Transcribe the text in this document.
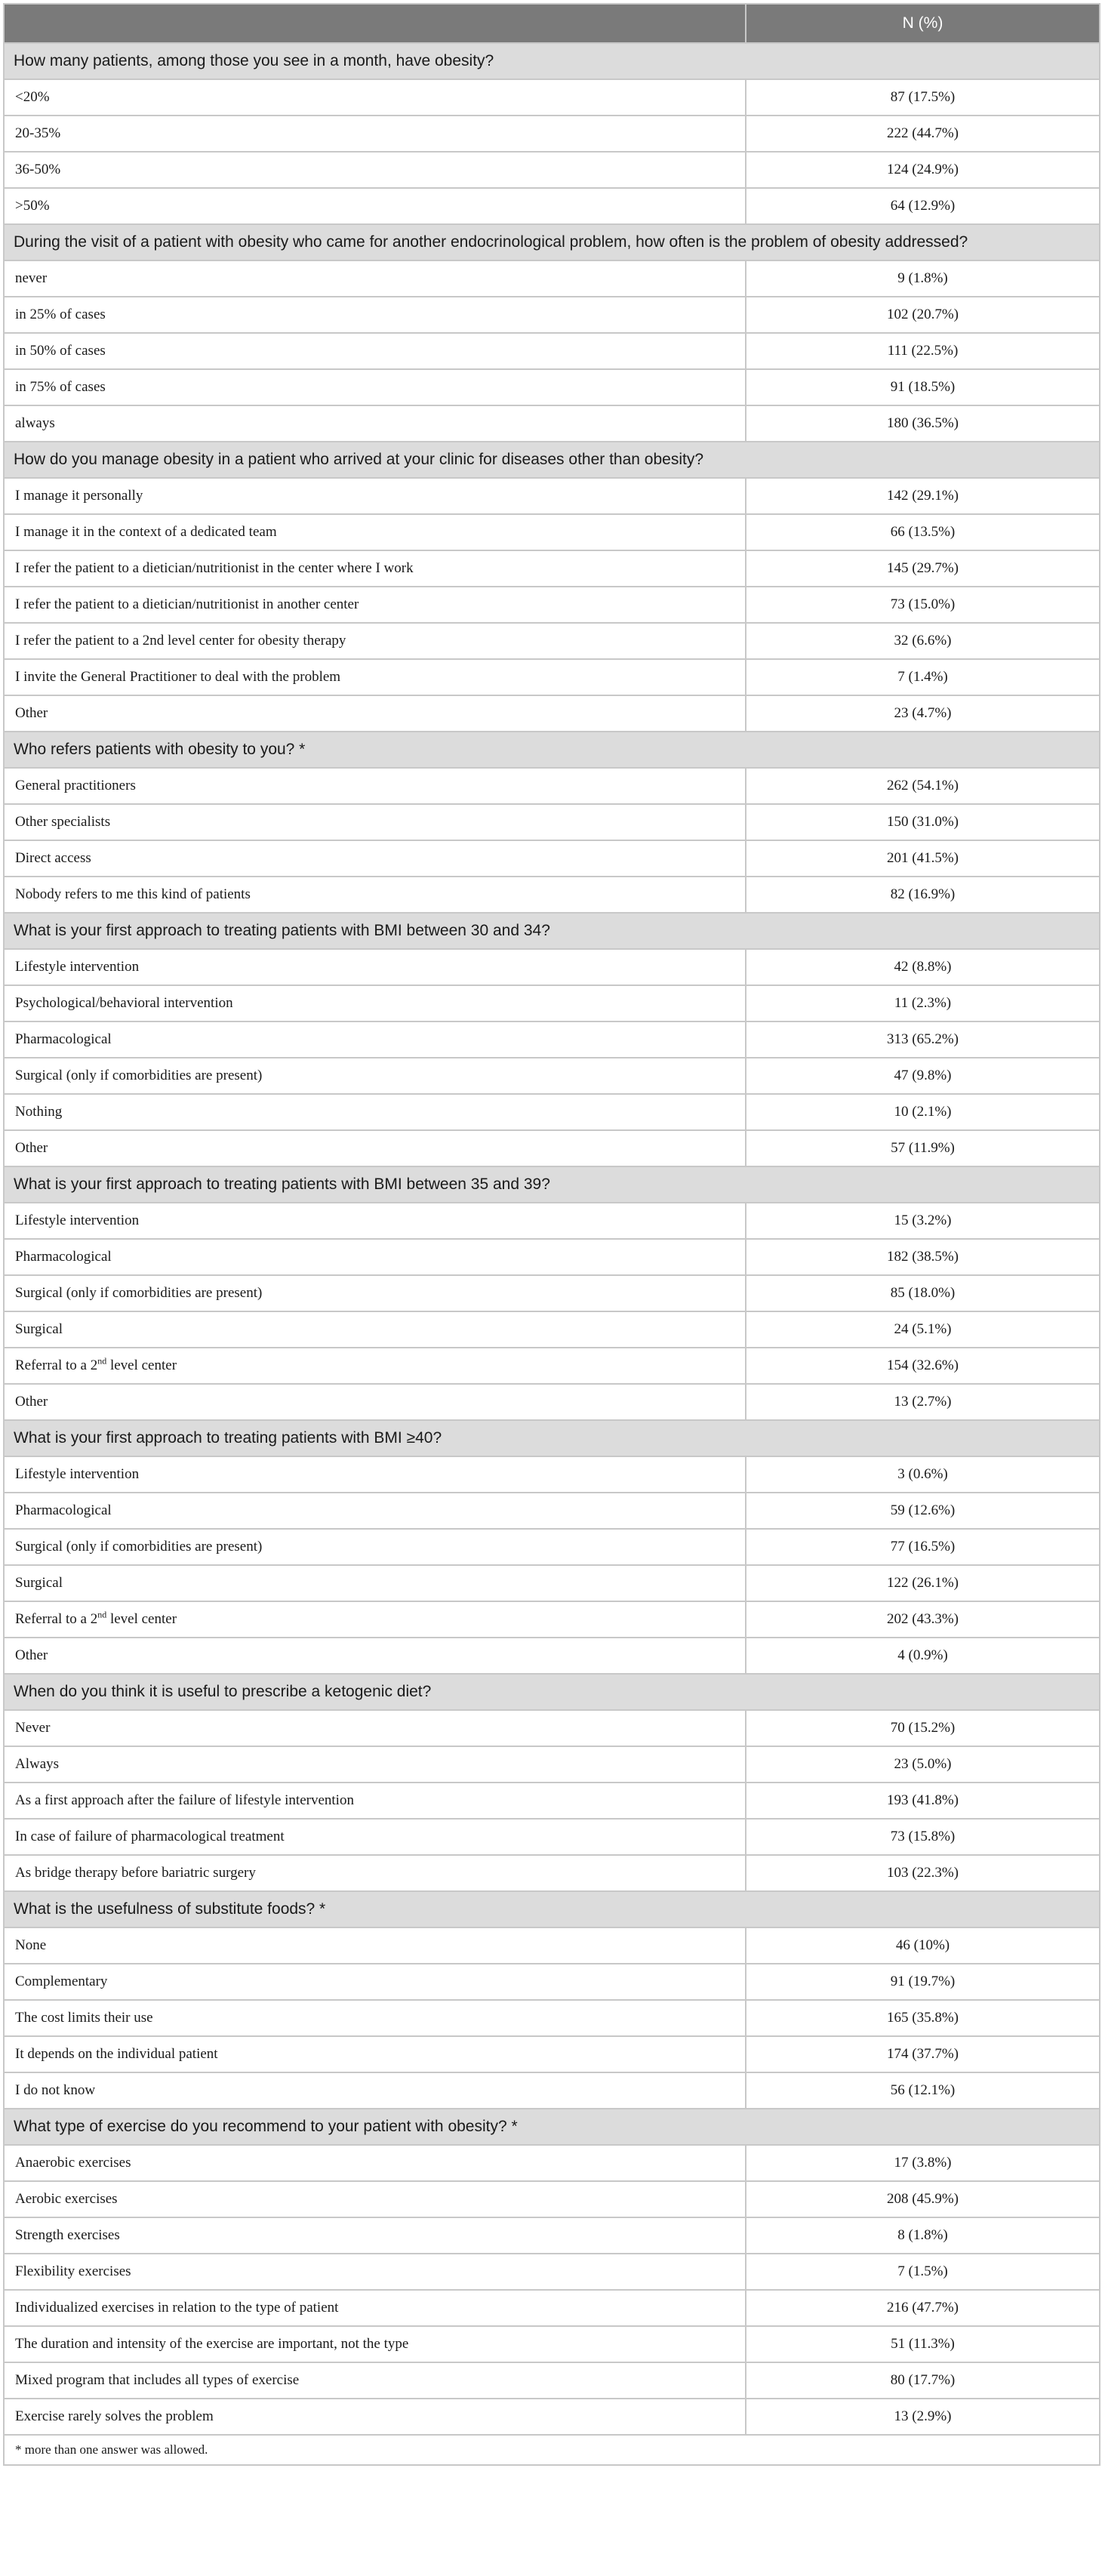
	N (%)
How many patients, among those you see in a month, have obesity?	
<20%	87 (17.5%)
20-35%	222 (44.7%)
36-50%	124 (24.9%)
>50%	64 (12.9%)
During the visit of a patient with obesity who came for another endocrinological problem, how often is the problem of obesity addressed?	
never	9 (1.8%)
in 25% of cases	102 (20.7%)
in 50% of cases	111 (22.5%)
in 75% of cases	91 (18.5%)
always	180 (36.5%)
How do you manage obesity in a patient who arrived at your clinic for diseases other than obesity?	
I manage it personally	142 (29.1%)
I manage it in the context of a dedicated team	66 (13.5%)
I refer the patient to a dietician/nutritionist in the center where I work	145 (29.7%)
I refer the patient to a dietician/nutritionist in another center	73 (15.0%)
I refer the patient to a 2nd level center for obesity therapy	32 (6.6%)
I invite the General Practitioner to deal with the problem	7 (1.4%)
Other	23 (4.7%)
Who refers patients with obesity to you? *	
General practitioners	262 (54.1%)
Other specialists	150 (31.0%)
Direct access	201 (41.5%)
Nobody refers to me this kind of patients	82 (16.9%)
What is your first approach to treating patients with BMI between 30 and 34?	
Lifestyle intervention	42 (8.8%)
Psychological/behavioral intervention	11 (2.3%)
Pharmacological	313 (65.2%)
Surgical (only if comorbidities are present)	47 (9.8%)
Nothing	10 (2.1%)
Other	57 (11.9%)
What is your first approach to treating patients with BMI between 35 and 39?	
Lifestyle intervention	15 (3.2%)
Pharmacological	182 (38.5%)
Surgical (only if comorbidities are present)	85 (18.0%)
Surgical	24 (5.1%)
Referral to a 2nd level center	154 (32.6%)
Other	13 (2.7%)
What is your first approach to treating patients with BMI ≥40?	
Lifestyle intervention	3 (0.6%)
Pharmacological	59 (12.6%)
Surgical (only if comorbidities are present)	77 (16.5%)
Surgical	122 (26.1%)
Referral to a 2nd level center	202 (43.3%)
Other	4 (0.9%)
When do you think it is useful to prescribe a ketogenic diet?	
Never	70 (15.2%)
Always	23 (5.0%)
As a first approach after the failure of lifestyle intervention	193 (41.8%)
In case of failure of pharmacological treatment	73 (15.8%)
As bridge therapy before bariatric surgery	103 (22.3%)
What is the usefulness of substitute foods? *	
None	46 (10%)
Complementary	91 (19.7%)
The cost limits their use	165 (35.8%)
It depends on the individual patient	174 (37.7%)
I do not know	56 (12.1%)
What type of exercise do you recommend to your patient with obesity? *	
Anaerobic exercises	17 (3.8%)
Aerobic exercises	208 (45.9%)
Strength exercises	8 (1.8%)
Flexibility exercises	7 (1.5%)
Individualized exercises in relation to the type of patient	216 (47.7%)
The duration and intensity of the exercise are important, not the type	51 (11.3%)
Mixed program that includes all types of exercise	80 (17.7%)
Exercise rarely solves the problem	13 (2.9%)
* more than one answer was allowed.	
